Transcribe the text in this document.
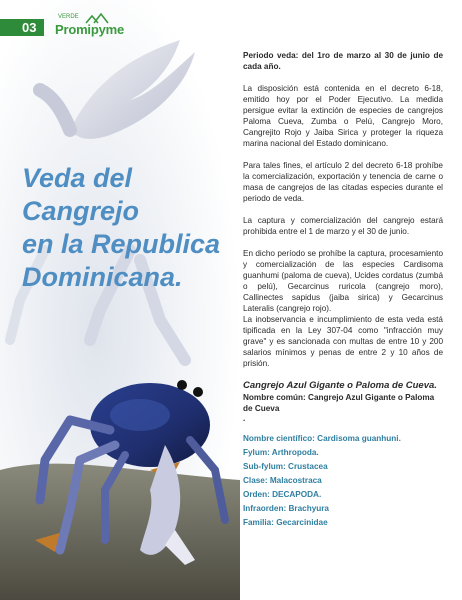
03
VERDE
Promipyme
Veda del Cangrejo
en la Republica
Dominicana.

Periodo veda: del 1ro de marzo al 30 de junio de cada año.

La disposición está contenida en el decreto 6-18, emitido hoy por el Poder Ejecutivo. La medida persigue evitar la extinción de especies de cangrejos Paloma Cueva, Zumba o Pelú, Cangrejo Moro, Cangrejito Rojo y Jaiba Sirica y proteger la riqueza marina nacional del Estado dominicano.

Para tales fines, el artículo 2 del decreto 6-18 prohíbe la comercialización, exportación y tenencia de carne o masa de cangrejos de las citadas especies durante el periodo de veda.

La captura y comercialización del cangrejo estará prohibida entre el 1 de marzo y el 30 de junio.

En dicho período se prohíbe la captura, procesamiento y comercialización de las especies Cardisoma guanhumi (paloma de cueva), Ucides cordatus (zumbá o pelú), Gecarcinus ruricola (cangrejo moro), Callinectes sapidus (jaiba sirica) y Gecarcinus Lateralis (cangrejo rojo).

La inobservancia e incumplimiento de esta veda está tipificada en la Ley 307-04 como "infracción muy grave" y es sancionada con multas de entre 10 y 200 salarios mínimos y penas de entre 2 y 10 años de prisión.

Cangrejo Azul Gigante o Paloma de Cueva.
Nombre común: Cangrejo Azul Gigante o Paloma de Cueva
.
Nombre científico: Cardisoma guanhuni.
Fylum: Arthropoda.
Sub-fylum: Crustacea
Clase: Malacostraca
Orden: DECAPODA.
Infraorden: Brachyura
Familia: Gecarcinidae
